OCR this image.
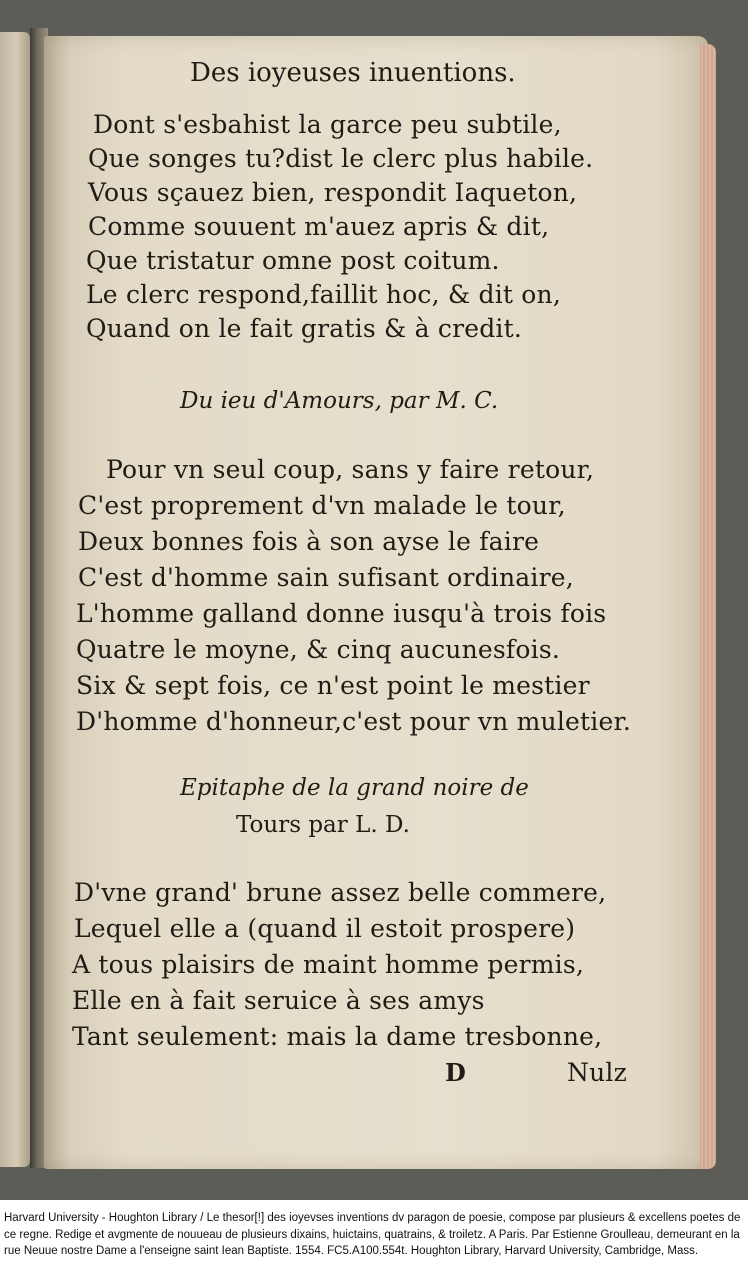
Des ioyeuses inuentions.
Dont s'esbahist la garce peu subtile,
Que songes tu?dist le clerc plus habile.
Vous sçauez bien, respondit Iaqueton,
Comme souuent m'auez apris & dit,
Que tristatur omne post coitum.
Le clerc respond,faillit hoc, & dit on,
Quand on le fait gratis & à credit.
Du ieu d'Amours, par M. C.
Pour vn seul coup, sans y faire retour,
C'est proprement d'vn malade le tour,
Deux bonnes fois à son ayse le faire
C'est d'homme sain sufisant ordinaire,
L'homme galland donne iusqu'à trois fois
Quatre le moyne, & cinq aucunesfois.
Six & sept fois, ce n'est point le mestier
D'homme d'honneur,c'est pour vn muletier.
Epitaphe de la grand noire de
Tours par L. D.
D'vne grand' brune assez belle commere,
Lequel elle a (quand il estoit prospere)
A tous plaisirs de maint homme permis,
Elle en à fait seruice à ses amys
Tant seulement: mais la dame tresbonne,
D	Nulz
Harvard University - Houghton Library / Le thesor[!] des ioyevses inventions dv paragon de poesie, compose par plusieurs & excellens poetes de ce regne. Redige et avgmente de nouueau de plusieurs dixains, huictains, quatrains, & troiletz. A Paris. Par Estienne Groulleau, demeurant en la rue Neuue nostre Dame a l'enseigne saint Iean Baptiste. 1554. FC5.A100.554t. Houghton Library, Harvard University, Cambridge, Mass.
